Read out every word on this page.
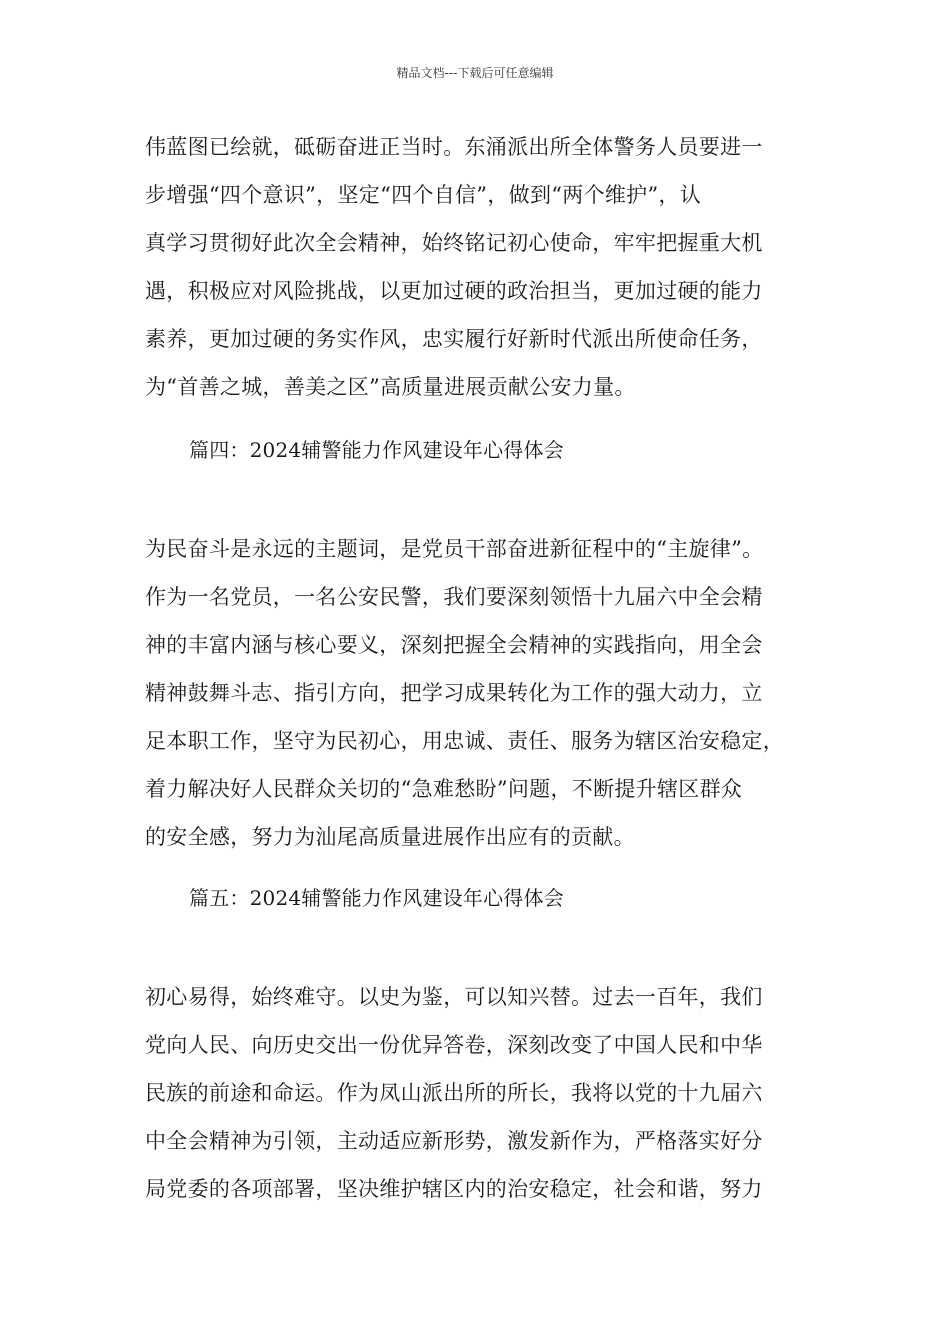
精品文档---下载后可任意编辑
伟蓝图已绘就，砥砺奋进正当时。东涌派出所全体警务人员要进一
步增强“四个意识”，坚定“四个自信”，做到“两个维护”，认
真学习贯彻好此次全会精神，始终铭记初心使命，牢牢把握重大机
遇，积极应对风险挑战，以更加过硬的政治担当，更加过硬的能力
素养，更加过硬的务实作风，忠实履行好新时代派出所使命任务，
为“首善之城，善美之区”高质量进展贡献公安力量。
篇四：2024辅警能力作风建设年心得体会
为民奋斗是永远的主题词，是党员干部奋进新征程中的“主旋律”。
作为一名党员，一名公安民警，我们要深刻领悟十九届六中全会精
神的丰富内涵与核心要义，深刻把握全会精神的实践指向，用全会
精神鼓舞斗志、指引方向，把学习成果转化为工作的强大动力，立
足本职工作，坚守为民初心，用忠诚、责任、服务为辖区治安稳定，
着力解决好人民群众关切的“急难愁盼”问题，不断提升辖区群众
的安全感，努力为汕尾高质量进展作出应有的贡献。
篇五：2024辅警能力作风建设年心得体会
初心易得，始终难守。以史为鉴，可以知兴替。过去一百年，我们
党向人民、向历史交出一份优异答卷，深刻改变了中国人民和中华
民族的前途和命运。作为凤山派出所的所长，我将以党的十九届六
中全会精神为引领，主动适应新形势，激发新作为，严格落实好分
局党委的各项部署，坚决维护辖区内的治安稳定，社会和谐，努力
